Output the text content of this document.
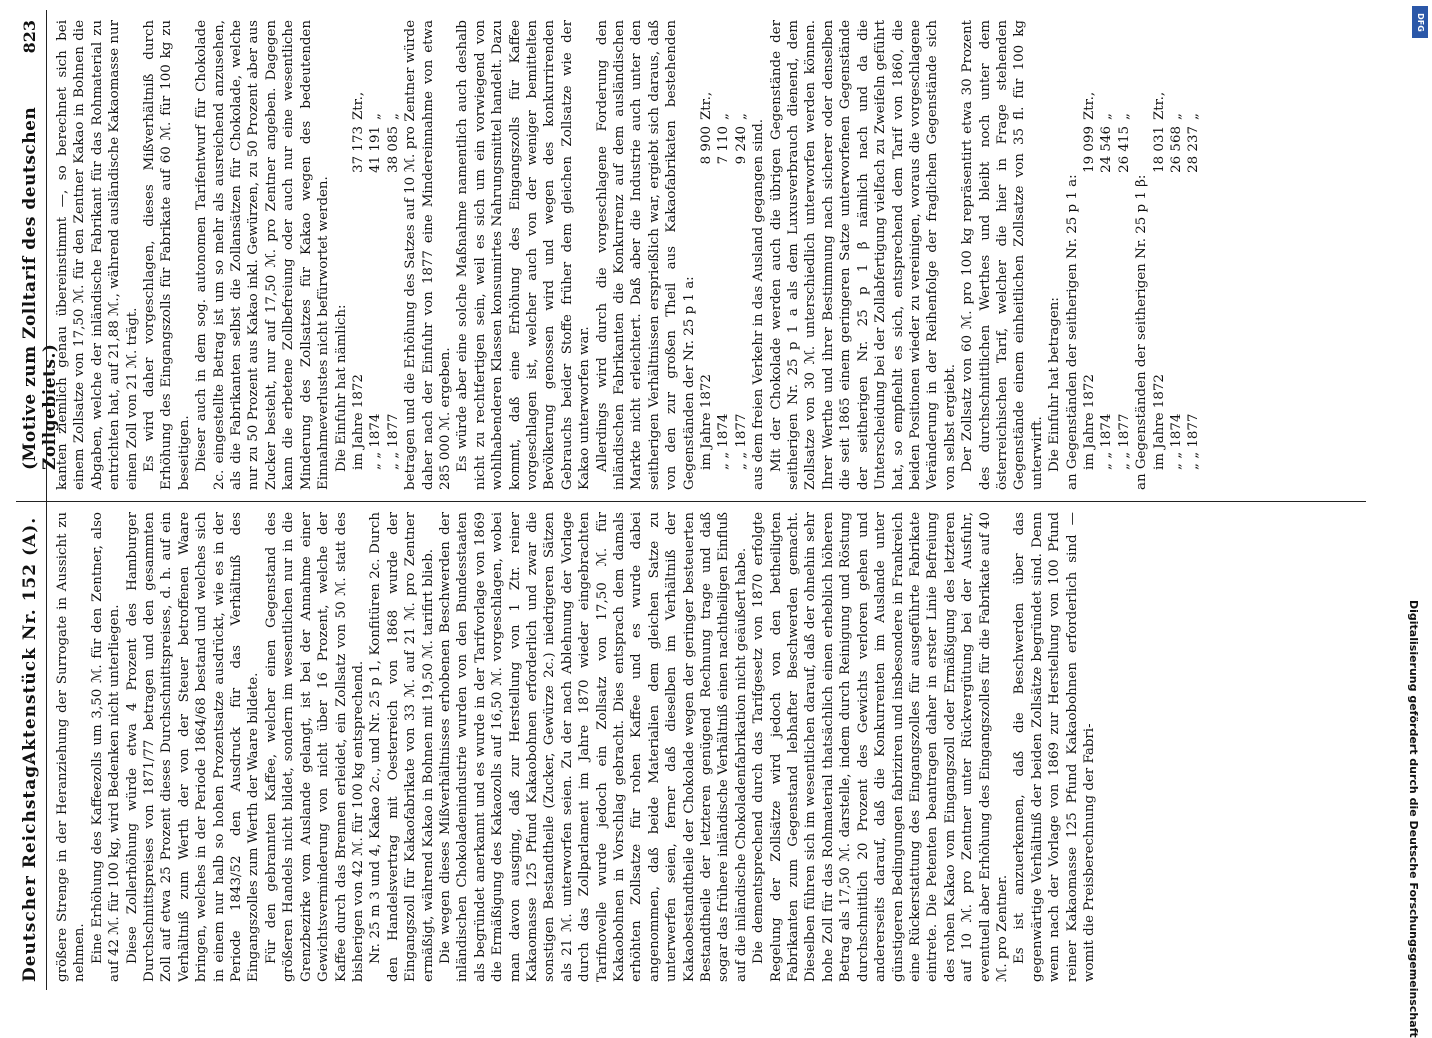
Deutscher Reichstag.
Aktenstück Nr. 152 (A).
(Motive zum Zolltarif des deutschen Zollgebiets.)
823

größere Strenge in der Heranziehung der Surrogate in Aussicht zu nehmen. Eine Erhöhung des Kaffeezolls um 3,50 ℳ. für den Zentner, also auf 42 ℳ. für 100 kg, wird Bedenken nicht unterliegen. Diese Zollerhöhung würde etwa 4 Prozent des Hamburger Durchschnittspreises von 1871/77 betragen und den gesammten Zoll auf etwa 25 Prozent dieses Durchschnittspreises, d. h. auf ein Verhältniß zum Werth der von der Steuer betroffenen Waare bringen, welches in der Periode 1864/68 bestand und welches sich in einem nur halb so hohen Prozentsatze ausdrückt, wie es in der Periode 1843/52 den Ausdruck für das Verhältniß des Eingangszolles zum Werth der Waare bildete. Für den gebrannten Kaffee, welcher einen Gegenstand des größeren Handels nicht bildet, sondern im wesentlichen nur in die Grenzbezirke vom Auslande gelangt, ist bei der Annahme einer Gewichtsverminderung von nicht über 16 Prozent, welche der Kaffee durch das Brennen erleidet, ein Zollsatz von 50 ℳ. statt des bisherigen von 42 ℳ. für 100 kg entsprechend. Nr. 25 m 3 und 4, Kakao 2c., und Nr. 25 p 1, Konfitüren 2c. Durch den Handelsvertrag mit Oesterreich von 1868 wurde der Eingangszoll für Kakaofabrikate von 33 ℳ. auf 21 ℳ. pro Zentner ermäßigt, während Kakao in Bohnen mit 19,50 ℳ. tarifirt blieb. Die wegen dieses Mißverhältnisses erhobenen Beschwerden der inländischen Chokoladenindustrie wurden von den Bundesstaaten als begründet anerkannt und es wurde in der Tarifvorlage von 1869 die Ermäßigung des Kakaozolls auf 16,50 ℳ. vorgeschlagen, wobei man davon ausging, daß zur Herstellung von 1 Ztr. reiner Kakaomasse 125 Pfund Kakaobohnen erforderlich und zwar die sonstigen Bestandtheile (Zucker, Gewürze 2c.) niedrigeren Sätzen als 21 ℳ. unterworfen seien. Zu der nach Ablehnung der Vorlage durch das Zollparlament im Jahre 1870 wieder eingebrachten Tarifnovelle wurde jedoch ein Zollsatz von 17,50 ℳ. für Kakaobohnen in Vorschlag gebracht. Dies entsprach dem damals erhöhten Zollsatze für rohen Kaffee und es wurde dabei angenommen, daß beide Materialien dem gleichen Satze zu unterwerfen seien, ferner daß dieselben im Verhältniß der Kakaobestandtheile der Chokolade wegen der geringer besteuerten Bestandtheile der letzteren genügend Rechnung trage und daß sogar das frühere inländische Verhältniß einen nachtheiligen Einfluß auf die inländische Chokoladenfabrikation nicht geäußert habe. Die dementsprechend durch das Tarifgesetz von 1870 erfolgte Regelung der Zollsätze wird jedoch von den betheiligten Fabrikanten zum Gegenstand lebhafter Beschwerden gemacht. Dieselben führen sich im wesentlichen darauf, daß der ohnehin sehr hohe Zoll für das Rohmaterial thatsächlich einen erheblich höheren Betrag als 17,50 ℳ. darstelle, indem durch Reinigung und Röstung durchschnittlich 20 Prozent des Gewichts verloren gehen und andererseits darauf, daß die Konkurrenten im Auslande unter günstigeren Bedingungen fabriziren und insbesondere in Frankreich eine Rückerstattung des Eingangszolles für ausgeführte Fabrikate eintrete. Die Petenten beantragen daher in erster Linie Befreiung des rohen Kakao vom Eingangszoll oder Ermäßigung des letzteren auf 10 ℳ. pro Zentner unter Rückvergütung bei der Ausfuhr, eventuell aber Erhöhung des Eingangszolles für die Fabrikate auf 40 ℳ. pro Zentner. Es ist anzuerkennen, daß die Beschwerden über das gegenwärtige Verhältniß der beiden Zollsätze begründet sind. Denn wenn nach der Vorlage von 1869 zur Herstellung von 100 Pfund reiner Kakaomasse 125 Pfund Kakaobohnen erforderlich sind — womit die Preisberechnung der Fabri-

kanten ziemlich genau übereinstimmt —, so berechnet sich bei einem Zollsatze von 17,50 ℳ. für den Zentner Kakao in Bohnen die Abgaben, welche der inländische Fabrikant für das Rohmaterial zu entrichten hat, auf 21,88 ℳ., während ausländische Kakaomasse nur einen Zoll von 21 ℳ. trägt. Es wird daher vorgeschlagen, dieses Mißverhältniß durch Erhöhung des Eingangszolls für Fabrikate auf 60 ℳ. für 100 kg zu beseitigen. Dieser auch in dem sog. autonomen Tarifentwurf für Chokolade 2c. eingestellte Betrag ist um so mehr als ausreichend anzusehen, als die Fabrikanten selbst die Zollansätzen für Chokolade, welche nur zu 50 Prozent aus Kakao inkl. Gewürzen, zu 50 Prozent aber aus Zucker besteht, nur auf 17,50 ℳ. pro Zentner angeben. Dagegen kann die erbetene Zollbefreiung oder auch nur eine wesentliche Minderung des Zollsatzes für Kakao wegen des bedeutenden Einnahmeverlustes nicht befürwortet werden. Die Einfuhr hat nämlich: im Jahre 1872
37 173
Ztr.,
„ „ 1874
41 191
„
„ „ 1877
38 085
„ betragen und die Erhöhung des Satzes auf 10 ℳ. pro Zentner würde daher nach der Einfuhr von 1877 eine Mindereinnahme von etwa 285 000 ℳ. ergeben. Es würde aber eine solche Maßnahme namentlich auch deshalb nicht zu rechtfertigen sein, weil es sich um ein vorwiegend von wohlhabenderen Klassen konsumirtes Nahrungsmittel handelt. Dazu kommt, daß eine Erhöhung des Eingangszolls für Kaffee vorgeschlagen ist, welcher auch von der weniger bemittelten Bevölkerung genossen wird und wegen des konkurrirenden Gebrauchs beider Stoffe früher dem gleichen Zollsatze wie der Kakao unterworfen war. Allerdings wird durch die vorgeschlagene Forderung den inländischen Fabrikanten die Konkurrenz auf dem ausländischen Markte nicht erleichtert. Daß aber die Industrie auch unter den seitherigen Verhältnissen ersprießlich war, ergiebt sich daraus, daß von den zur großen Theil aus Kakaofabrikaten bestehenden Gegenständen der Nr. 25 p 1 a: im Jahre 1872
8 900
Ztr.,
„ „ 1874
7 110
„
„ „ 1877
9 240
„

aus dem freien Verkehr in das Ausland gegangen sind. Mit der Chokolade werden auch die übrigen Gegenstände der seitherigen Nr. 25 p 1 a als dem Luxusverbrauch dienend, dem Zollsatze von 30 ℳ. unterschiedlich unterworfen werden können. Ihrer Werthe und ihrer Bestimmung nach sicherer oder denselben die seit 1865 einem geringeren Satze unterworfenen Gegenstände der seitherigen Nr. 25 p 1 β nämlich nach und da die Unterscheidung bei der Zollabfertigung vielfach zu Zweifeln geführt hat, so empfiehlt es sich, entsprechend dem Tarif von 1860, die beiden Positionen wieder zu vereinigen, woraus die vorgeschlagene Veränderung in der Reihenfolge der fraglichen Gegenstände sich von selbst ergiebt. Der Zollsatz von 60 ℳ. pro 100 kg repräsentirt etwa 30 Prozent des durchschnittlichen Werthes und bleibt noch unter dem österreichischen Tarif, welcher die hier in Frage stehenden Gegenstände einem einheitlichen Zollsatze von 35 fl. für 100 kg unterwirft. Die Einfuhr hat betragen: an Gegenständen der seitherigen Nr. 25 p 1 a: im Jahre 1872
19 099
Ztr.,
„ „ 1874
24 546
„
„ „ 1877
26 415
„

an Gegenständen der seitherigen Nr. 25 p 1 β: im Jahre 1872
18 031
Ztr.,
„ „ 1874
26 568
„
„ „ 1877
28 237
„
DFG
Digitalisierung gefördert durch die Deutsche Forschungsgemeinschaft
